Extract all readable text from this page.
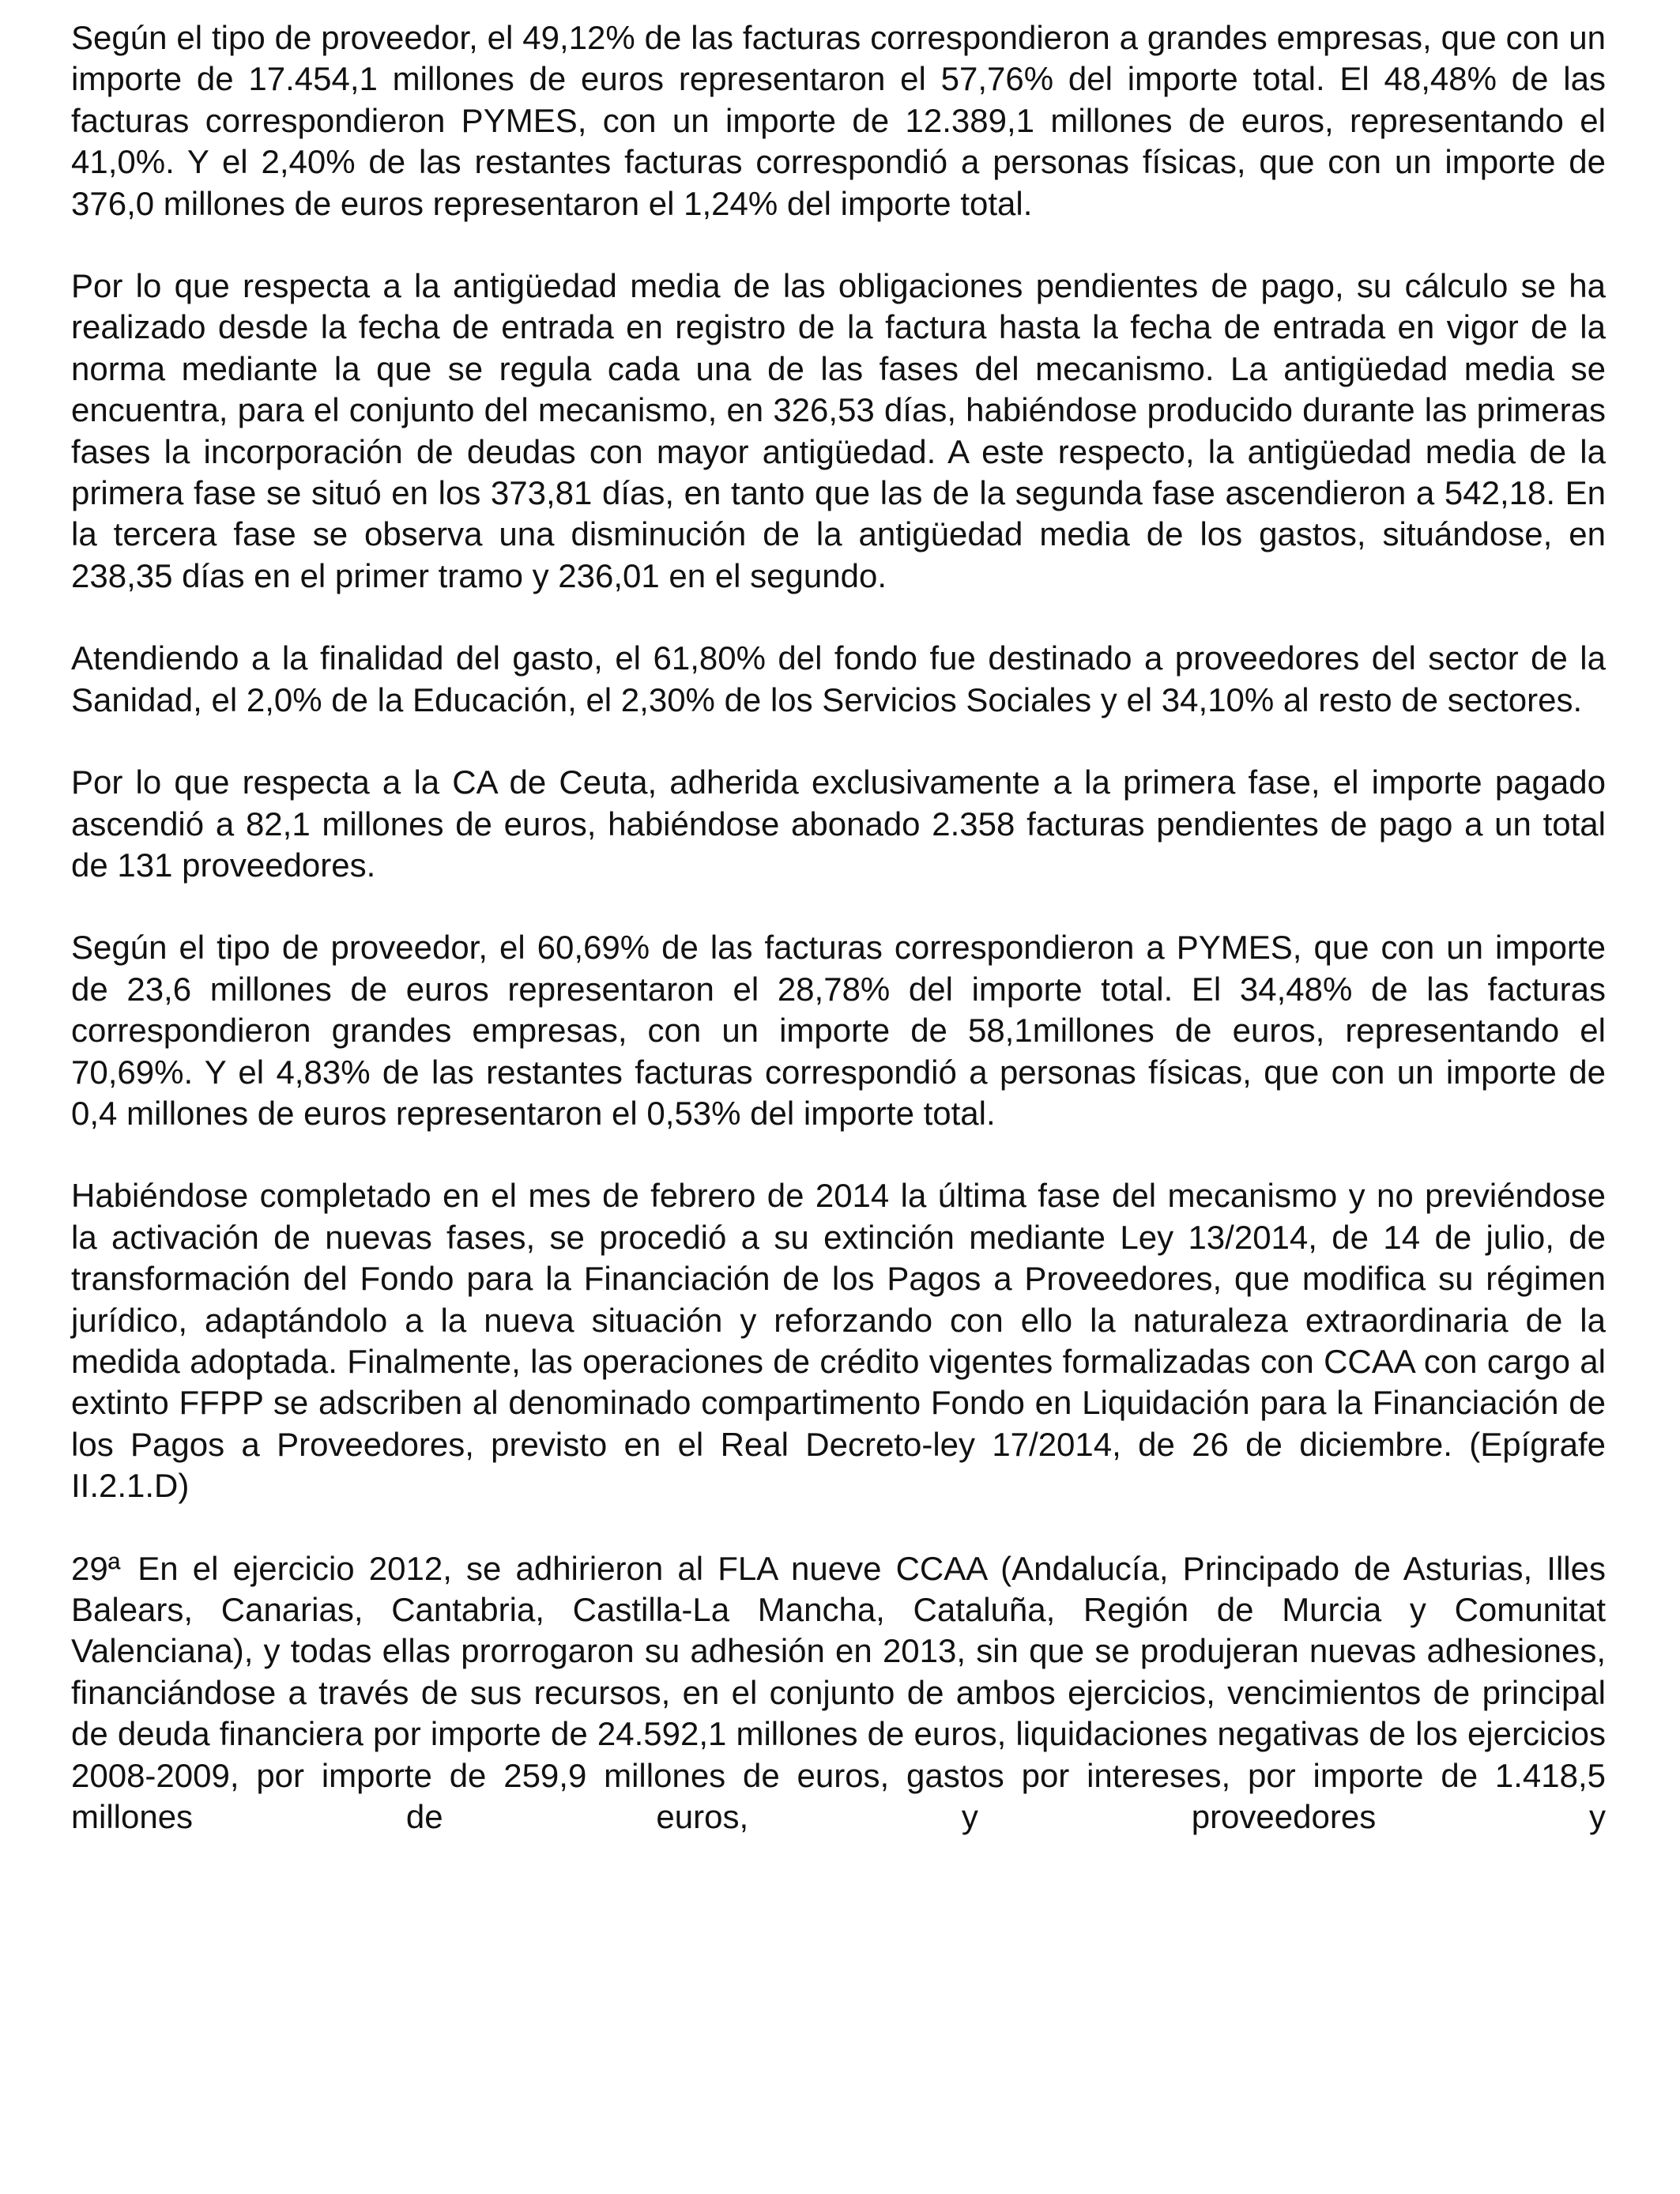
Según el tipo de proveedor, el 49,12% de las facturas correspondieron a grandes empresas, que con un importe de 17.454,1 millones de euros representaron el 57,76% del importe total. El 48,48% de las facturas correspondieron PYMES, con un importe de 12.389,1 millones de euros, representando el 41,0%. Y el 2,40% de las restantes facturas correspondió a personas físicas, que con un importe de 376,0 millones de euros representaron el 1,24% del importe total.

Por lo que respecta a la antigüedad media de las obligaciones pendientes de pago, su cálculo se ha realizado desde la fecha de entrada en registro de la factura hasta la fecha de entrada en vigor de la norma mediante la que se regula cada una de las fases del mecanismo. La antigüedad media se encuentra, para el conjunto del mecanismo, en 326,53 días, habiéndose producido durante las primeras fases la incorporación de deudas con mayor antigüedad. A este respecto, la antigüedad media de la primera fase se situó en los 373,81 días, en tanto que las de la segunda fase ascendieron a 542,18. En la tercera fase se observa una disminución de la antigüedad media de los gastos, situándose, en 238,35 días en el primer tramo y 236,01 en el segundo.

Atendiendo a la finalidad del gasto, el 61,80% del fondo fue destinado a proveedores del sector de la Sanidad, el 2,0% de la Educación, el 2,30% de los Servicios Sociales y el 34,10% al resto de sectores.

Por lo que respecta a la CA de Ceuta, adherida exclusivamente a la primera fase, el importe pagado ascendió a 82,1 millones de euros, habiéndose abonado 2.358 facturas pendientes de pago a un total de 131 proveedores.

Según el tipo de proveedor, el 60,69% de las facturas correspondieron a PYMES, que con un importe de 23,6 millones de euros representaron el 28,78% del importe total. El 34,48% de las facturas correspondieron grandes empresas, con un importe de 58,1millones de euros, representando el 70,69%. Y el 4,83% de las restantes facturas correspondió a personas físicas, que con un importe de 0,4 millones de euros representaron el 0,53% del importe total.

Habiéndose completado en el mes de febrero de 2014 la última fase del mecanismo y no previéndose la activación de nuevas fases, se procedió a su extinción mediante Ley 13/2014, de 14 de julio, de transformación del Fondo para la Financiación de los Pagos a Proveedores, que modifica su régimen jurídico, adaptándolo a la nueva situación y reforzando con ello la naturaleza extraordinaria de la medida adoptada. Finalmente, las operaciones de crédito vigentes formalizadas con CCAA con cargo al extinto FFPP se adscriben al denominado compartimento Fondo en Liquidación para la Financiación de los Pagos a Proveedores, previsto en el Real Decreto-ley 17/2014, de 26 de diciembre. (Epígrafe II.2.1.D)

29ª En el ejercicio 2012, se adhirieron al FLA nueve CCAA (Andalucía, Principado de Asturias, Illes Balears, Canarias, Cantabria, Castilla-La Mancha, Cataluña, Región de Murcia y Comunitat Valenciana), y todas ellas prorrogaron su adhesión en 2013, sin que se produjeran nuevas adhesiones, financiándose a través de sus recursos, en el conjunto de ambos ejercicios, vencimientos de principal de deuda financiera por importe de 24.592,1 millones de euros, liquidaciones negativas de los ejercicios 2008-2009, por importe de 259,9 millones de euros, gastos por intereses, por importe de 1.418,5 millones de euros, y proveedores y
